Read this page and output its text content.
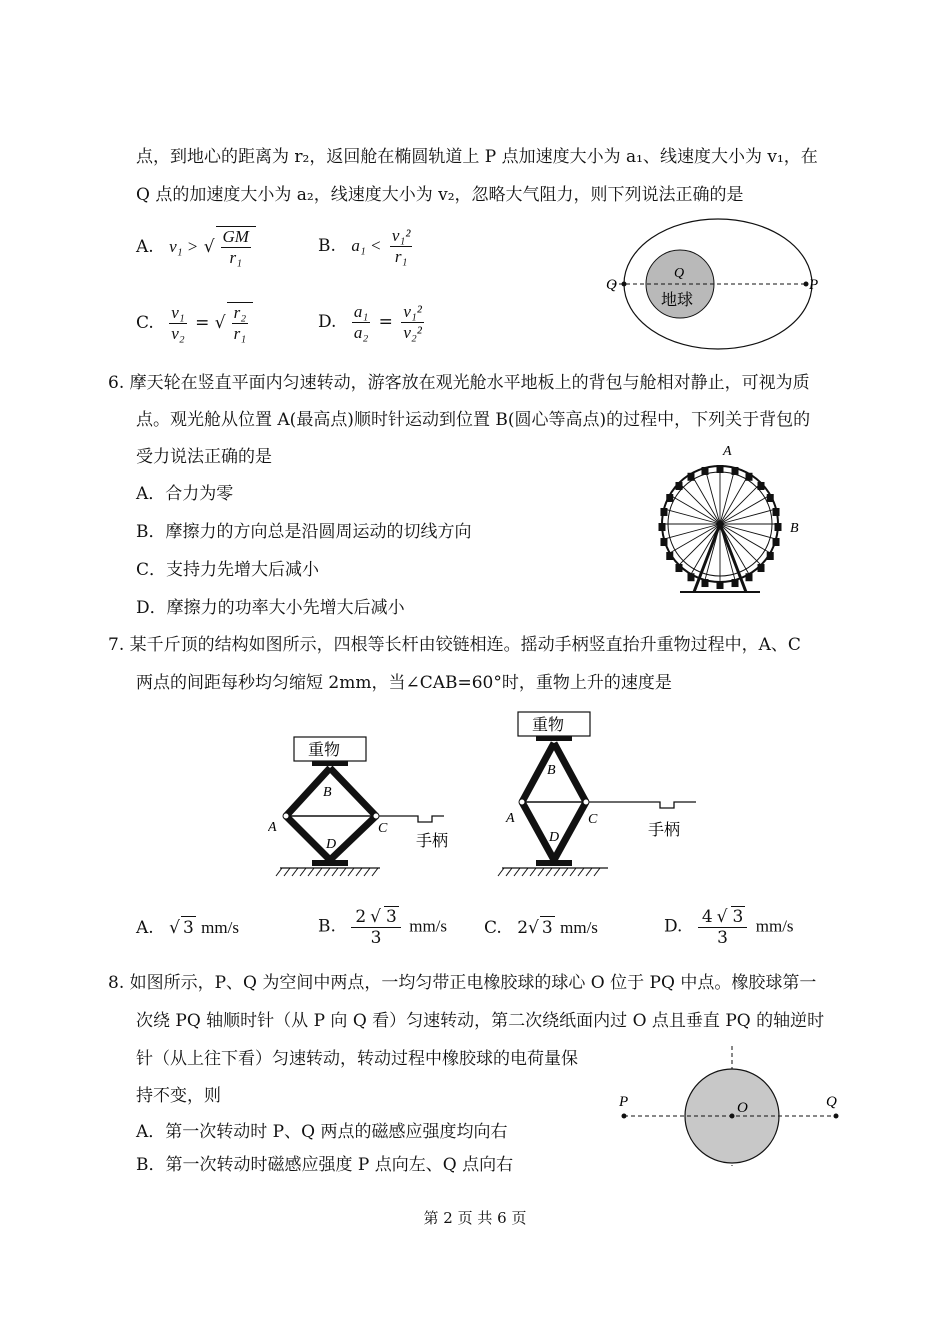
点，到地心的距离为 r₂，返回舱在椭圆轨道上 P 点加速度大小为 a₁、线速度大小为 v₁，在
Q 点的加速度大小为 a₂，线速度大小为 v₂，忽略大气阻力，则下列说法正确的是
A. v₁ > √ $\frac{GM}{\text{r₁}}$	B. $a_1 < \frac{\text{v₁²}}{\text{r₁}}$
C. $\frac{\text{v₁}}{\text{v₂}}$ = √ $\frac{\text{r₂}}{\text{r₁}}$	D. $\frac{\text{a₁}}{\text{a₂}} = \frac{\text{v₁²}}{\text{v₂²}}$
Q	P
Q
地球
6. 摩天轮在竖直平面内匀速转动，游客放在观光舱水平地板上的背包与舱相对静止，可视为质
点。观光舱从位置 A(最高点)顺时针运动到位置 B(圆心等高点)的过程中，下列关于背包的
受力说法正确的是
A．合力为零
B．摩擦力的方向总是沿圆周运动的切线方向
C．支持力先增大后减小
D．摩擦力的功率大小先增大后减小
A
B
7. 某千斤顶的结构如图所示，四根等长杆由铰链相连。摇动手柄竖直抬升重物过程中，A、C
两点的间距每秒均匀缩短 2mm，当∠CAB=60°时，重物上升的速度是
重物
B
A	C
D	手柄
重物
B
A	C
D	手柄
A. √ 3 mm/s	B. $\frac{2 √ 3}{3} mm/s$ C. 2√ 3 mm/s	D. $\frac{4 √ 3}{3} mm/s$
8. 如图所示，P、Q 为空间中两点，一均匀带正电橡胶球的球心 O 位于 PQ 中点。橡胶球第一
次绕 PQ 轴顺时针（从 P 向 Q 看）匀速转动，第二次绕纸面内过 O 点且垂直 PQ 的轴逆时
针（从上往下看）匀速转动，转动过程中橡胶球的电荷量保
持不变，则
A．第一次转动时 P、Q 两点的磁感应强度均向右
B．第一次转动时磁感应强度 P 点向左、Q 点向右
P	O	Q
第 2 页 共 6 页
